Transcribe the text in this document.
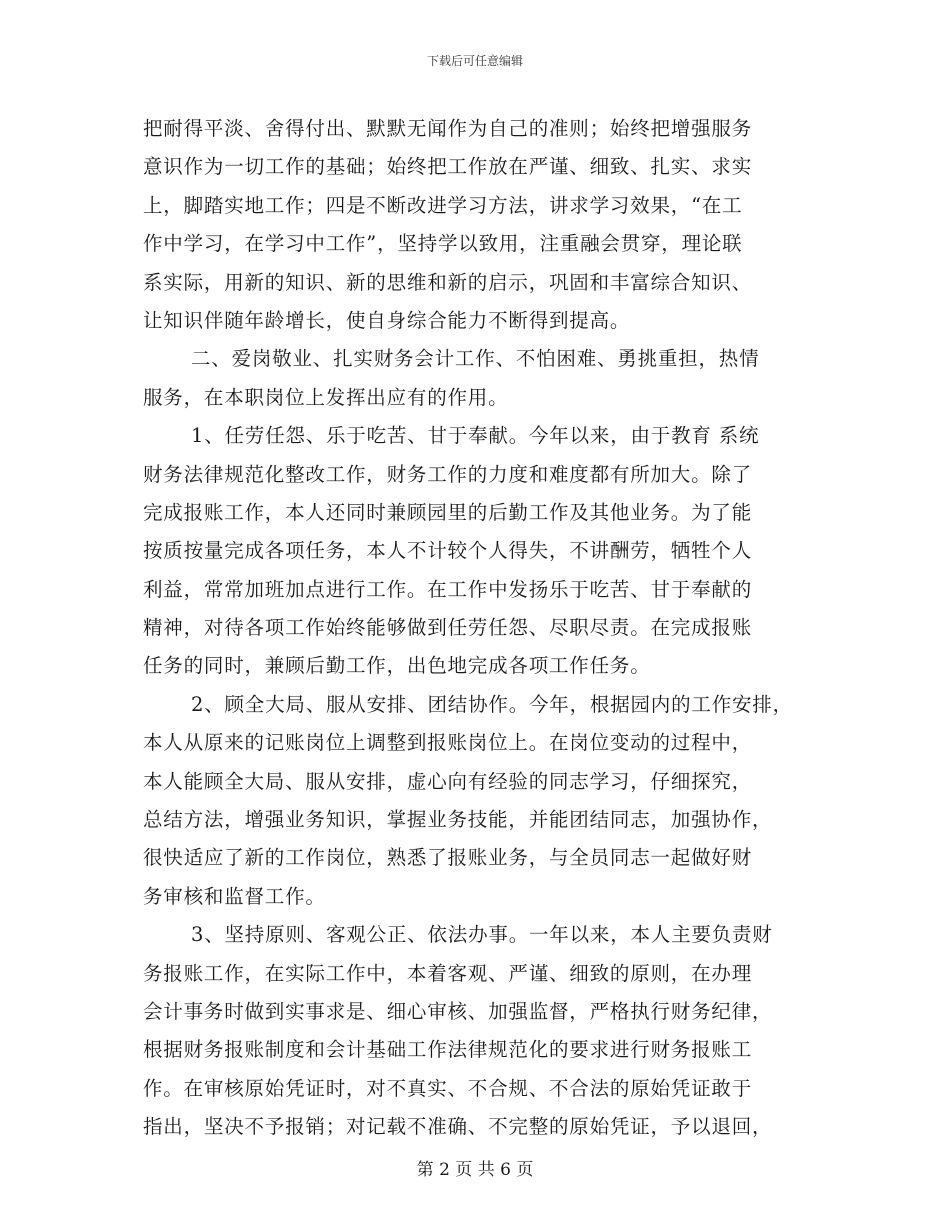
下载后可任意编辑
把耐得平淡、舍得付出、默默无闻作为自己的准则；始终把增强服务
意识作为一切工作的基础；始终把工作放在严谨、细致、扎实、求实
上，脚踏实地工作；四是不断改进学习方法，讲求学习效果，“在工
作中学习，在学习中工作”，坚持学以致用，注重融会贯穿，理论联
系实际，用新的知识、新的思维和新的启示，巩固和丰富综合知识、
让知识伴随年龄增长，使自身综合能力不断得到提高。
二、爱岗敬业、扎实财务会计工作、不怕困难、勇挑重担，热情
服务，在本职岗位上发挥出应有的作用。
1、任劳任怨、乐于吃苦、甘于奉献。今年以来，由于教育 系统
财务法律规范化整改工作，财务工作的力度和难度都有所加大。除了
完成报账工作，本人还同时兼顾园里的后勤工作及其他业务。为了能
按质按量完成各项任务，本人不计较个人得失，不讲酬劳，牺牲个人
利益，常常加班加点进行工作。在工作中发扬乐于吃苦、甘于奉献的
精神，对待各项工作始终能够做到任劳任怨、尽职尽责。在完成报账
任务的同时，兼顾后勤工作，出色地完成各项工作任务。
2、顾全大局、服从安排、团结协作。今年，根据园内的工作安排，
本人从原来的记账岗位上调整到报账岗位上。在岗位变动的过程中，
本人能顾全大局、服从安排，虚心向有经验的同志学习，仔细探究，
总结方法，增强业务知识，掌握业务技能，并能团结同志，加强协作，
很快适应了新的工作岗位，熟悉了报账业务，与全员同志一起做好财
务审核和监督工作。
3、坚持原则、客观公正、依法办事。一年以来，本人主要负责财
务报账工作，在实际工作中，本着客观、严谨、细致的原则，在办理
会计事务时做到实事求是、细心审核、加强监督，严格执行财务纪律，
根据财务报账制度和会计基础工作法律规范化的要求进行财务报账工
作。在审核原始凭证时，对不真实、不合规、不合法的原始凭证敢于
指出，坚决不予报销；对记载不准确、不完整的原始凭证，予以退回，
第 2 页 共 6 页
